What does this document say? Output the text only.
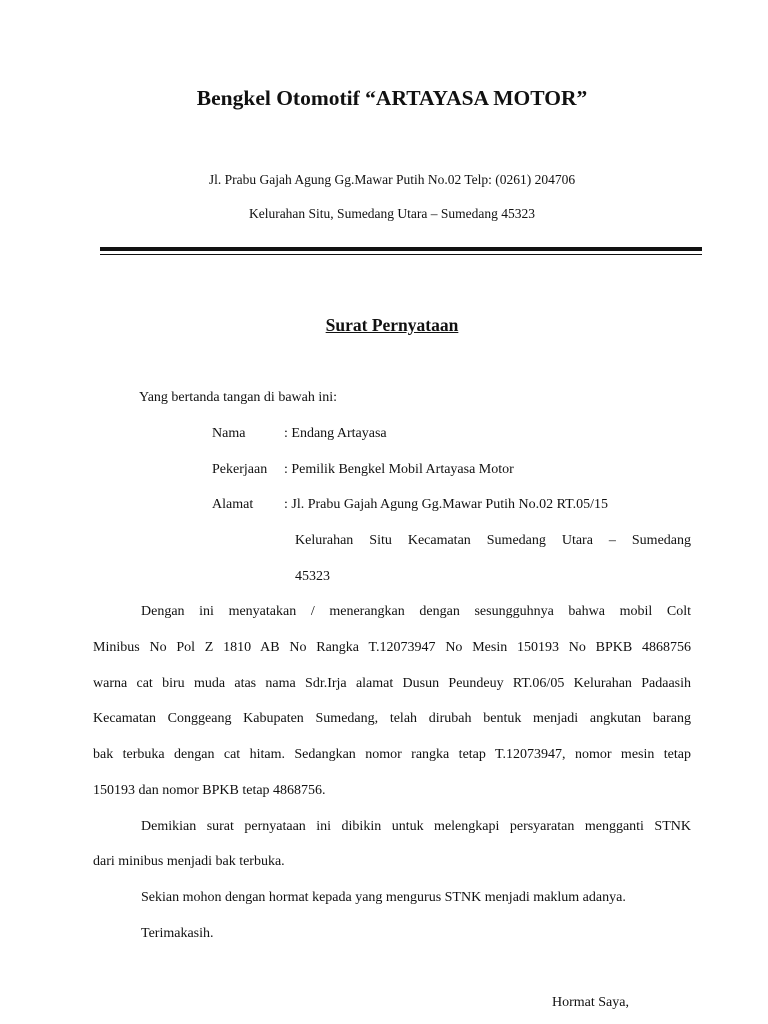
Bengkel Otomotif “ARTAYASA MOTOR”
Jl. Prabu Gajah Agung Gg.Mawar Putih No.02 Telp: (0261) 204706
Kelurahan Situ, Sumedang Utara – Sumedang 45323
Surat Pernyataan
Yang bertanda tangan di bawah ini:
Nama	: Endang Artayasa
Pekerjaan : Pemilik Bengkel Mobil Artayasa Motor
Alamat : Jl. Prabu Gajah Agung Gg.Mawar Putih No.02 RT.05/15
Kelurahan Situ Kecamatan Sumedang Utara – Sumedang
45323
Dengan ini menyatakan / menerangkan dengan sesungguhnya bahwa mobil Colt
Minibus No Pol Z 1810 AB No Rangka T.12073947 No Mesin 150193 No BPKB 4868756
warna cat biru muda atas nama Sdr.Irja alamat Dusun Peundeuy RT.06/05 Kelurahan Padaasih
Kecamatan Conggeang Kabupaten Sumedang, telah dirubah bentuk menjadi angkutan barang
bak terbuka dengan cat hitam. Sedangkan nomor rangka tetap T.12073947, nomor mesin tetap
150193 dan nomor BPKB tetap 4868756.
Demikian surat pernyataan ini dibikin untuk melengkapi persyaratan mengganti STNK
dari minibus menjadi bak terbuka.
Sekian mohon dengan hormat kepada yang mengurus STNK menjadi maklum adanya.
Terimakasih.
Hormat Saya,
